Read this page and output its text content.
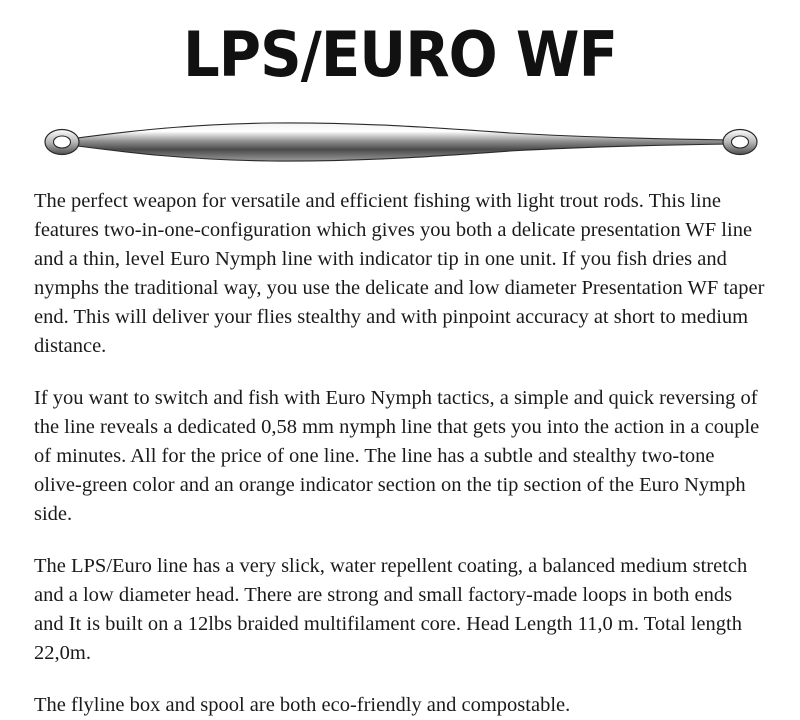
LPS/EURO WF

The perfect weapon for versatile and efficient fishing with light trout rods. This line features two-in-one-configuration which gives you both a delicate presentation WF line and a thin, level Euro Nymph line with indicator tip in one unit. If you fish dries and nymphs the traditional way, you use the delicate and low diameter Presentation WF taper end. This will deliver your flies stealthy and with pinpoint accuracy at short to medium distance.

If you want to switch and fish with Euro Nymph tactics, a simple and quick reversing of the line reveals a dedicated 0,58 mm nymph line that gets you into the action in a couple of minutes. All for the price of one line. The line has a subtle and stealthy two-tone olive-green color and an orange indicator section on the tip section of the Euro Nymph side.

The LPS/Euro line has a very slick, water repellent coating, a balanced medium stretch and a low diameter head. There are strong and small factory-made loops in both ends and It is built on a 12lbs braided multifilament core. Head Length 11,0 m. Total length 22,0m.

The flyline box and spool are both eco-friendly and compostable.
